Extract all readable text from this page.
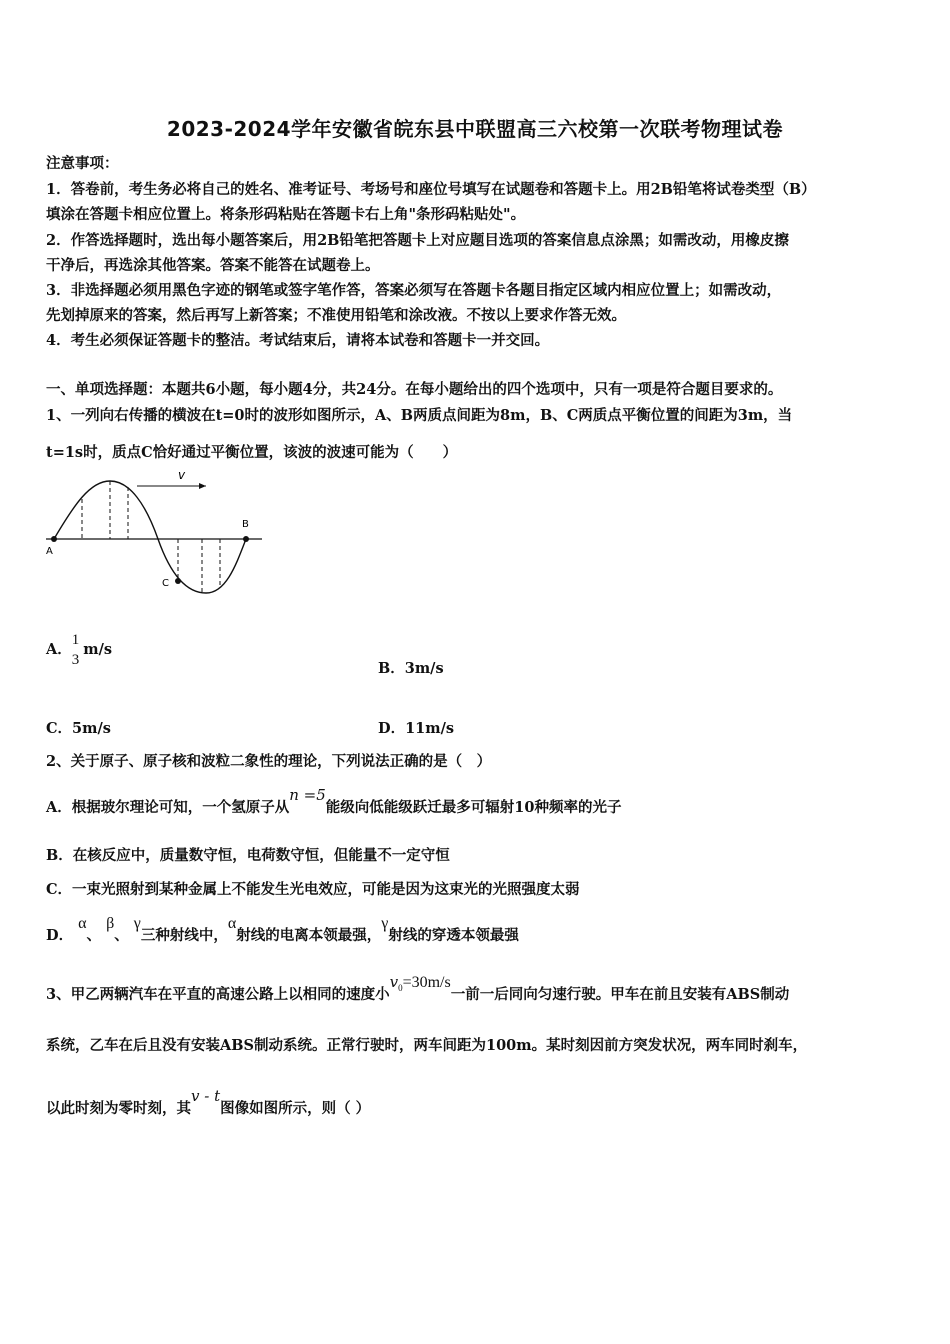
2023-2024学年安徽省皖东县中联盟高三六校第一次联考物理试卷
注意事项：
1．答卷前，考生务必将自己的姓名、准考证号、考场号和座位号填写在试题卷和答题卡上。用2B铅笔将试卷类型（B）
填涂在答题卡相应位置上。将条形码粘贴在答题卡右上角"条形码粘贴处"。
2．作答选择题时，选出每小题答案后，用2B铅笔把答题卡上对应题目选项的答案信息点涂黑；如需改动，用橡皮擦
干净后，再选涂其他答案。答案不能答在试题卷上。
3．非选择题必须用黑色字迹的钢笔或签字笔作答，答案必须写在答题卡各题目指定区域内相应位置上；如需改动，
先划掉原来的答案，然后再写上新答案；不准使用铅笔和涂改液。不按以上要求作答无效。
4．考生必须保证答题卡的整洁。考试结束后，请将本试卷和答题卡一并交回。
一、单项选择题：本题共6小题，每小题4分，共24分。在每小题给出的四个选项中，只有一项是符合题目要求的。
1、一列向右传播的横波在t=0时的波形如图所示，A、B两质点间距为8m，B、C两质点平衡位置的间距为3m，当
t=1s时，质点C恰好通过平衡位置，该波的波速可能为（　　）
v
A
B
C
A．
1
3
m/s
B．3m/s
C．5m/s	D．11m/s
2、关于原子、原子核和波粒二象性的理论，下列说法正确的是（　）
A．根据玻尔理论可知，一个氢原子从n =5能级向低能级跃迁最多可辐射10种频率的光子
B．在核反应中，质量数守恒，电荷数守恒，但能量不一定守恒
C．一束光照射到某种金属上不能发生光电效应，可能是因为这束光的光照强度太弱
D． α、 β、 γ三种射线中，α射线的电离本领最强，γ射线的穿透本领最强
3、甲乙两辆汽车在平直的高速公路上以相同的速度小$v_0=30m/s$一前一后同向匀速行驶。甲车在前且安装有ABS制动
系统，乙车在后且没有安装ABS制动系统。正常行驶时，两车间距为100m。某时刻因前方突发状况，两车同时刹车，
以此时刻为零时刻，其v - t图像如图所示，则（ ）
